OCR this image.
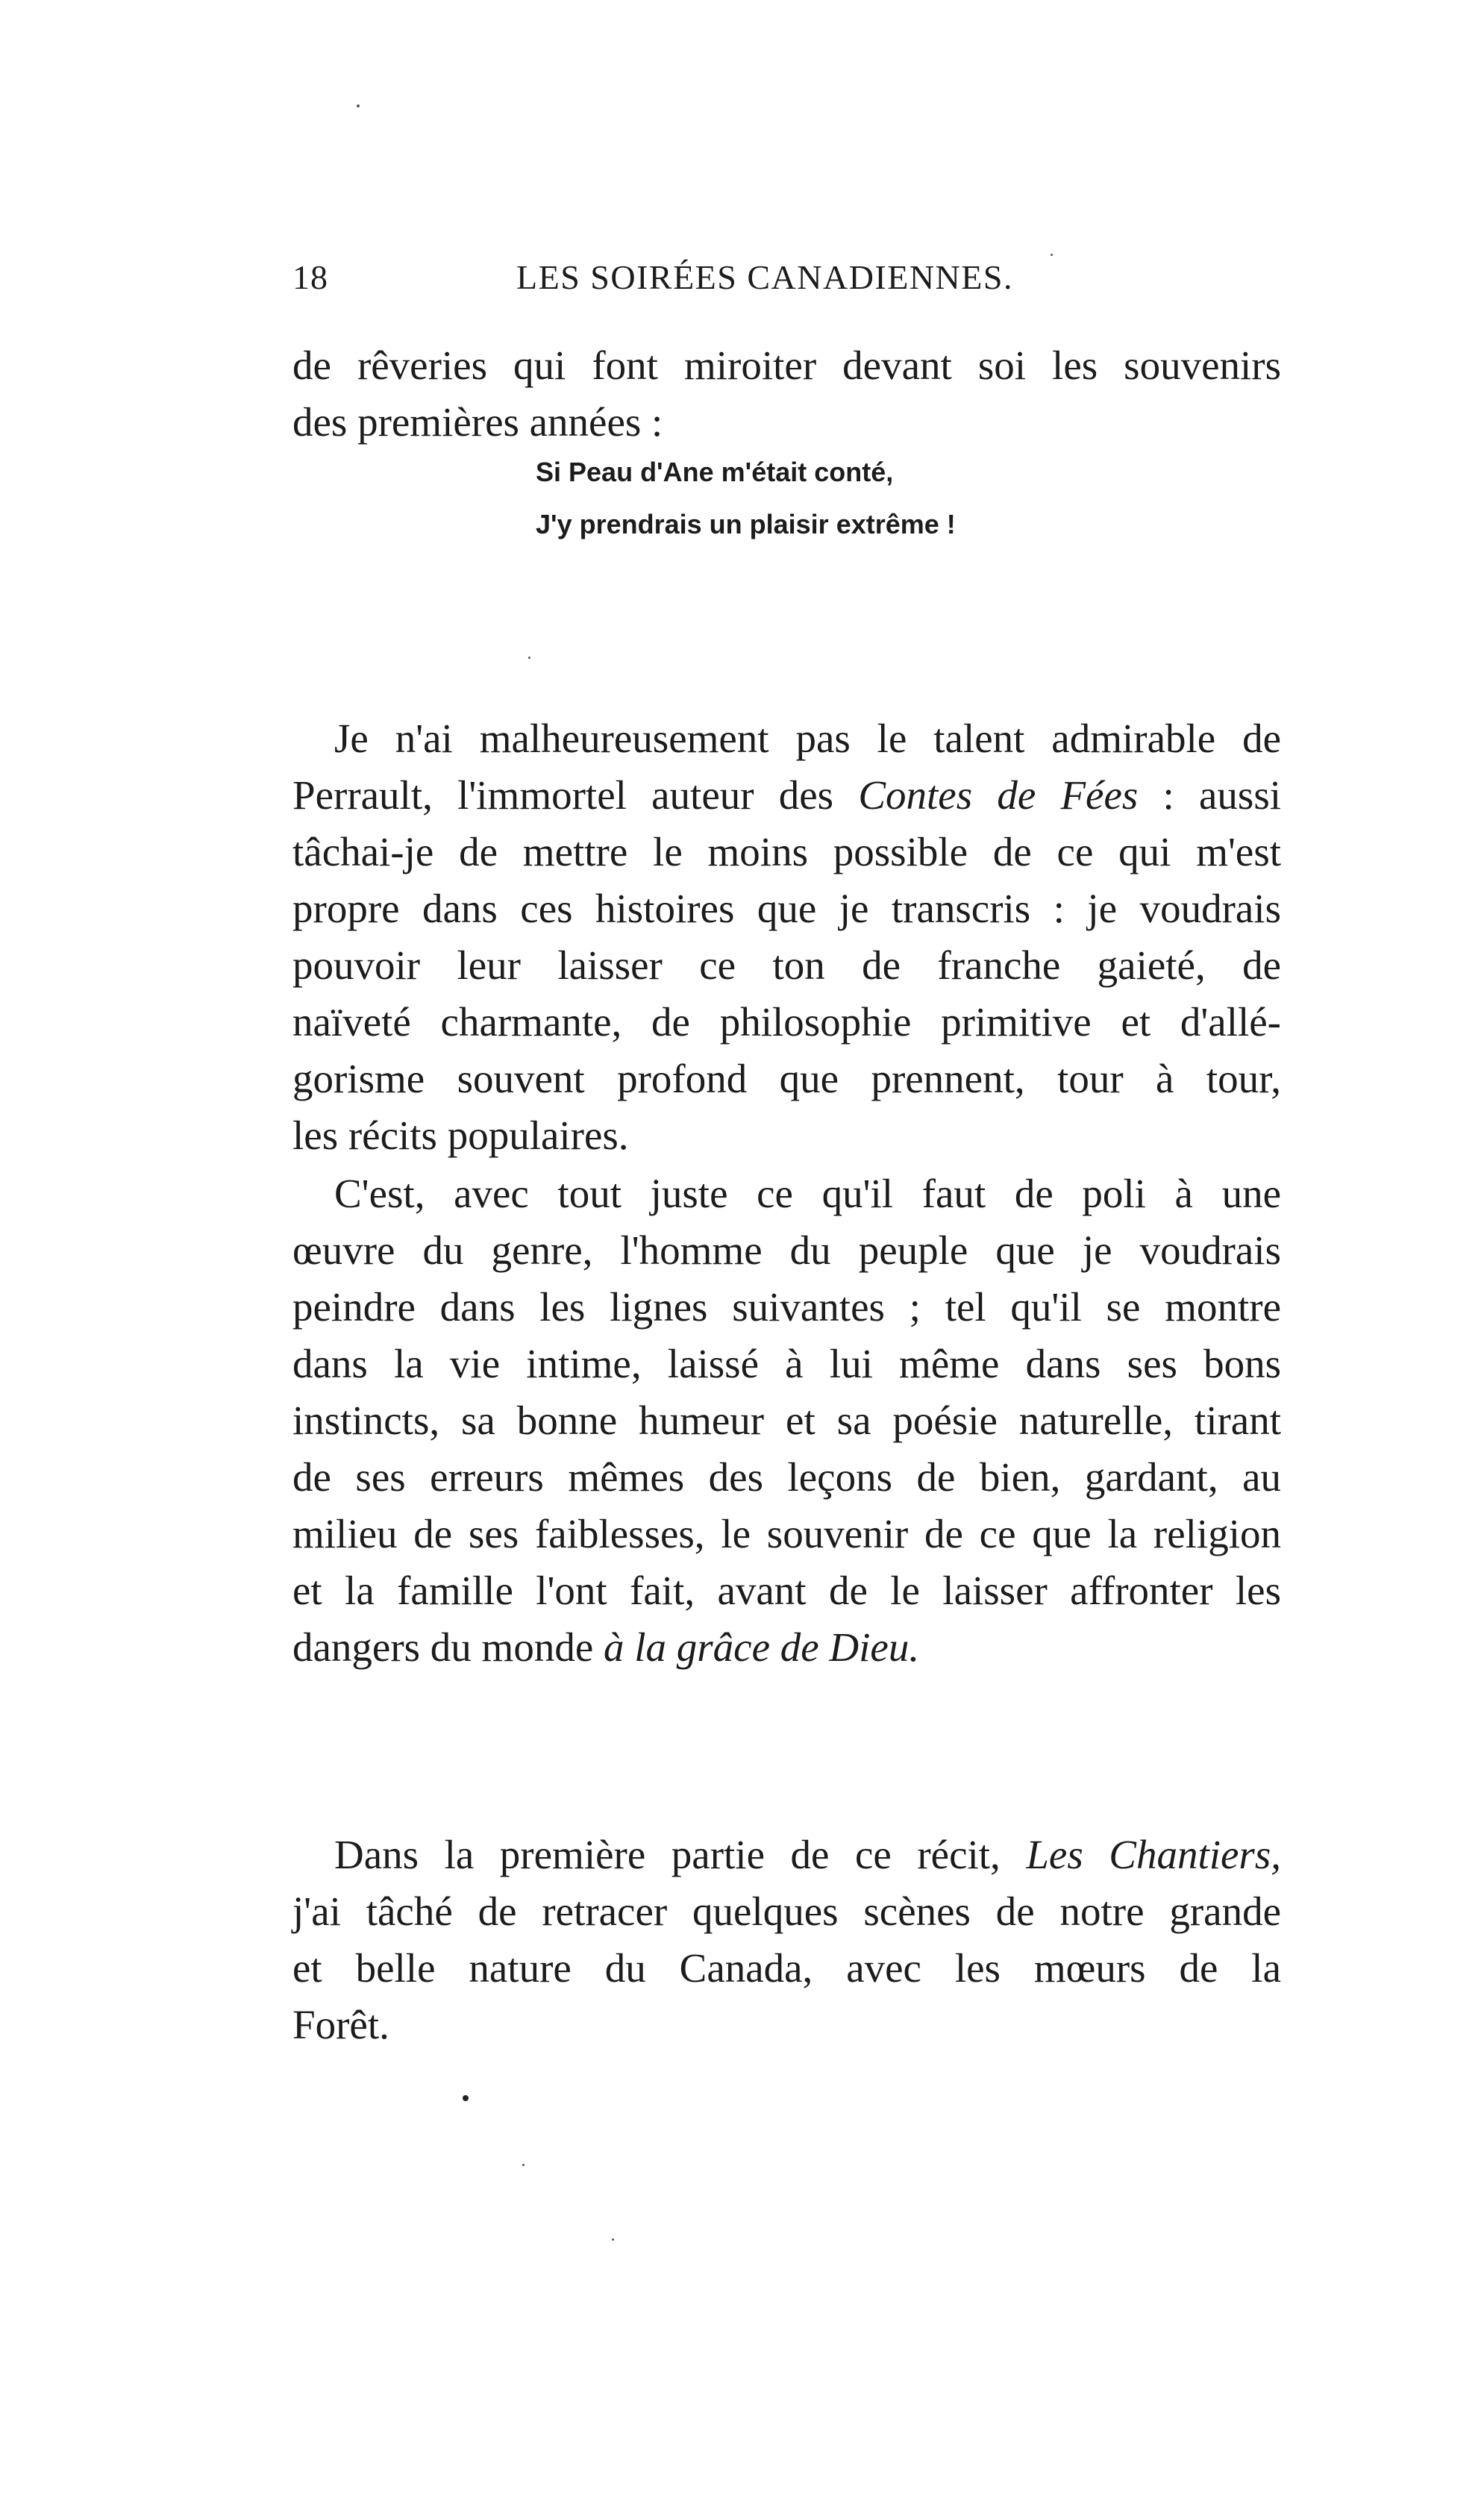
18	LES SOIRÉES CANADIENNES.
de rêveries qui font miroiter devant soi les souvenirs
des premières années :
Si Peau d'Ane m'était conté,
J'y prendrais un plaisir extrême !
Je n'ai malheureusement pas le talent admirable de
Perrault, l'immortel auteur des Contes de Fées : aussi
tâchai-je de mettre le moins possible de ce qui m'est
propre dans ces histoires que je transcris : je voudrais
pouvoir leur laisser ce ton de franche gaieté, de
naïveté charmante, de philosophie primitive et d'allé-
gorisme souvent profond que prennent, tour à tour,
les récits populaires.
C'est, avec tout juste ce qu'il faut de poli à une
œuvre du genre, l'homme du peuple que je voudrais
peindre dans les lignes suivantes ; tel qu'il se montre
dans la vie intime, laissé à lui même dans ses bons
instincts, sa bonne humeur et sa poésie naturelle, tirant
de ses erreurs mêmes des leçons de bien, gardant, au
milieu de ses faiblesses, le souvenir de ce que la religion
et la famille l'ont fait, avant de le laisser affronter les
dangers du monde à la grâce de Dieu.
Dans la première partie de ce récit, Les Chantiers,
j'ai tâché de retracer quelques scènes de notre grande
et belle nature du Canada, avec les mœurs de la
Forêt.
